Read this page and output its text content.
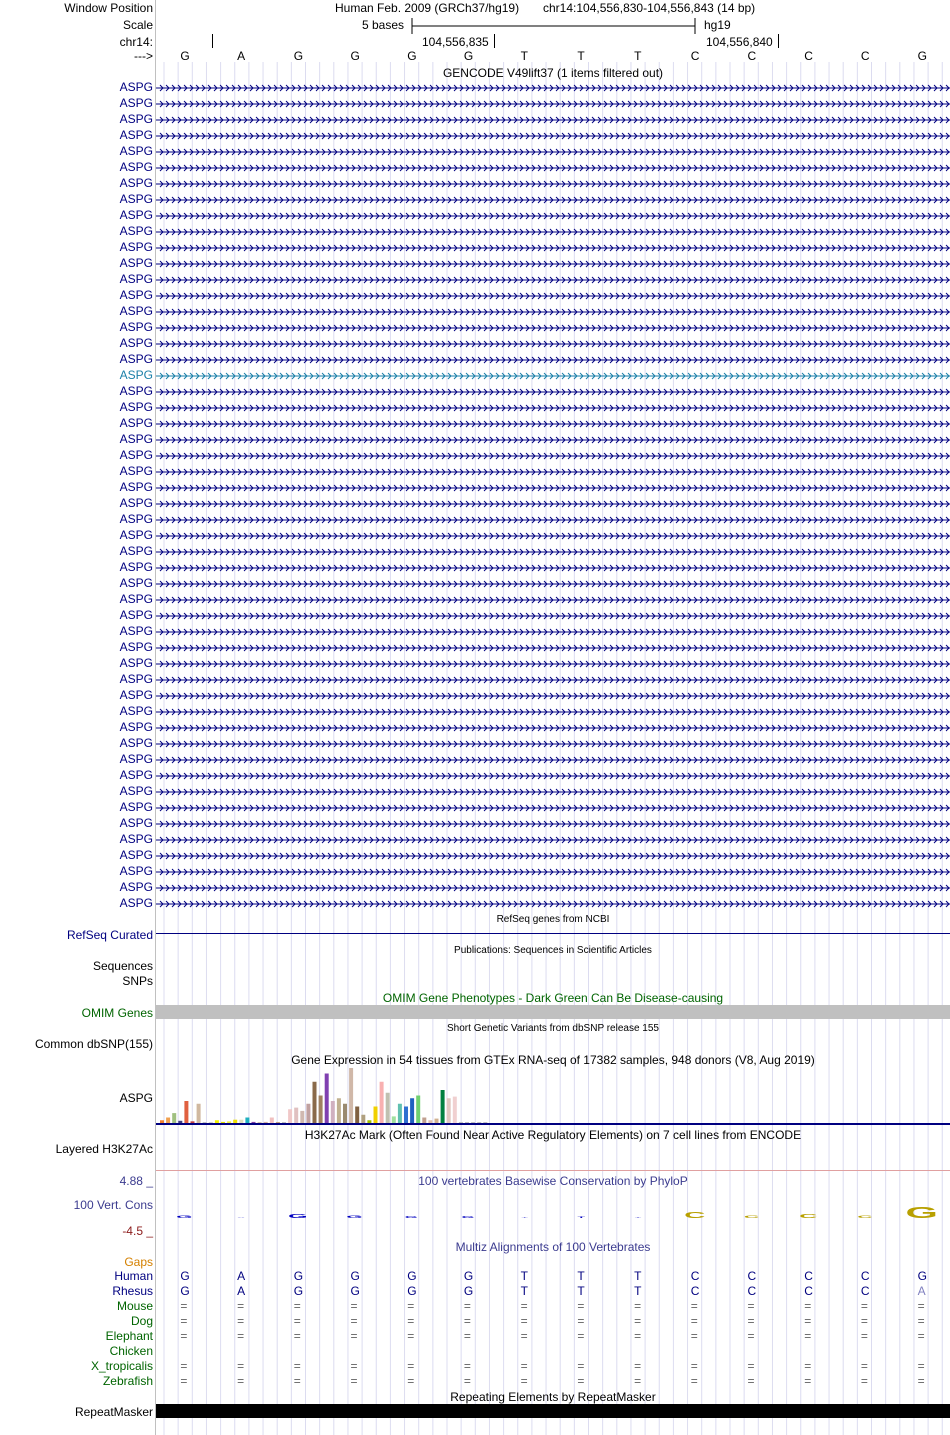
Window Position
Scale
chr14:
--->
Human Feb. 2009 (GRCh37/hg19) chr14:104,556,830-104,556,843 (14 bp)
5 bases	hg19
104,556,835	104,556,840
G	A	G	G	G	G	T	T	T	C	C	C	C	G
GENCODE V49lift37 (1 items filtered out)
ASPG
ASPG
ASPG
ASPG
ASPG
ASPG
ASPG
ASPG
ASPG
ASPG
ASPG
ASPG
ASPG
ASPG
ASPG
ASPG
ASPG
ASPG
ASPG
ASPG
ASPG
ASPG
ASPG
ASPG
ASPG
ASPG
ASPG
ASPG
ASPG
ASPG
ASPG
ASPG
ASPG
ASPG
ASPG
ASPG
ASPG
ASPG
ASPG
ASPG
ASPG
ASPG
ASPG
ASPG
ASPG
ASPG
ASPG
ASPG
ASPG
ASPG
ASPG
ASPG
RefSeq genes from NCBI
RefSeq Curated
Publications: Sequences in Scientific Articles
Sequences
SNPs
OMIM Gene Phenotypes - Dark Green Can Be Disease-causing
OMIM Genes
Short Genetic Variants from dbSNP release 155
Common dbSNP(155)
Gene Expression in 54 tissues from GTEx RNA-seq of 17382 samples, 948 donors (V8, Aug 2019)
ASPG
H3K27Ac Mark (Often Found Near Active Regulatory Elements) on 7 cell lines from ENCODE
Layered H3K27Ac
100 vertebrates Basewise Conservation by PhyloP
4.88 _
100 Vert. Cons
-4.5 _
G	A	G	G	G	G	T	T	T	C	C	C	C G
Multiz Alignments of 100 Vertebrates
Gaps
Human G	A	G	G	G	G	T	T	T	C	C	C	C	G
Rhesus G	A	G	G	G	G	T	T	T	C	C	C	C	A
Mouse =	=	=	=	=	=	=	=	=	=	=	=	=	=
Dog =	=	=	=	=	=	=	=	=	=	=	=	=	=
Elephant =	=	=	=	=	=	=	=	=	=	=	=	=	=
Chicken
X_tropicalis =	=	=	=	=	=	=	=	=	=	=	=	=	=
Zebrafish =	=	=	=	=	=	=	=	=	=	=	=	=	=
Repeating Elements by RepeatMasker
RepeatMasker
